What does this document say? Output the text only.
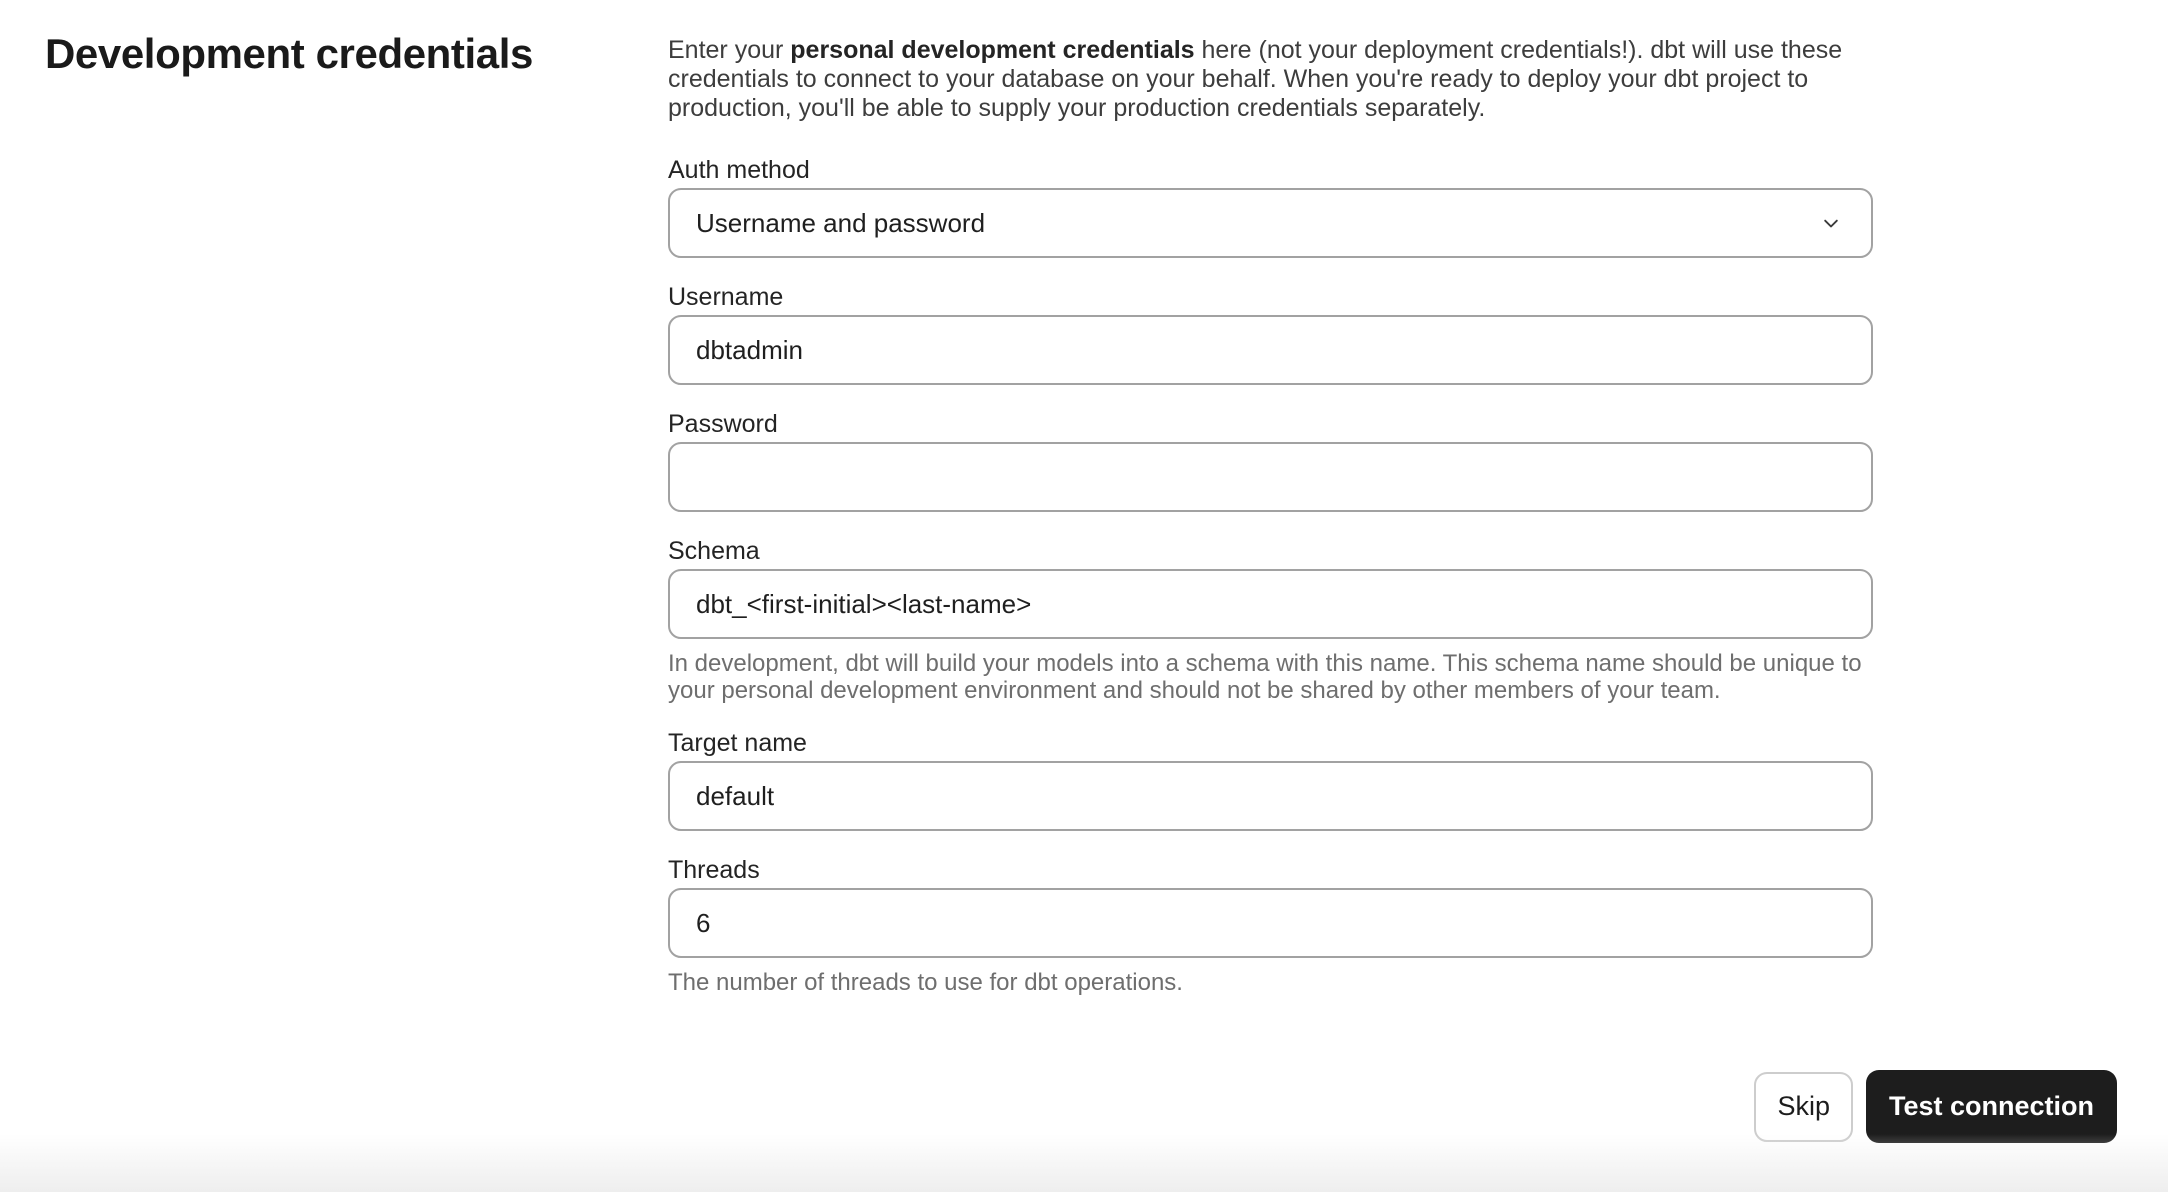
Development credentials	Enter your personal development credentials here (not your deployment credentials!). dbt will use these credentials to connect to your database on your behalf. When you're ready to deploy your dbt project to production, you'll be able to supply your production credentials separately.

Auth method
Username and password
Username
dbtadmin
Password
Schema
dbt_<first-initial><last-name>
In development, dbt will build your models into a schema with this name. This schema name should be unique to your personal development environment and should not be shared by other members of your team.
Target name
default
Threads
6
The number of threads to use for dbt operations.
Skip	Test connection
